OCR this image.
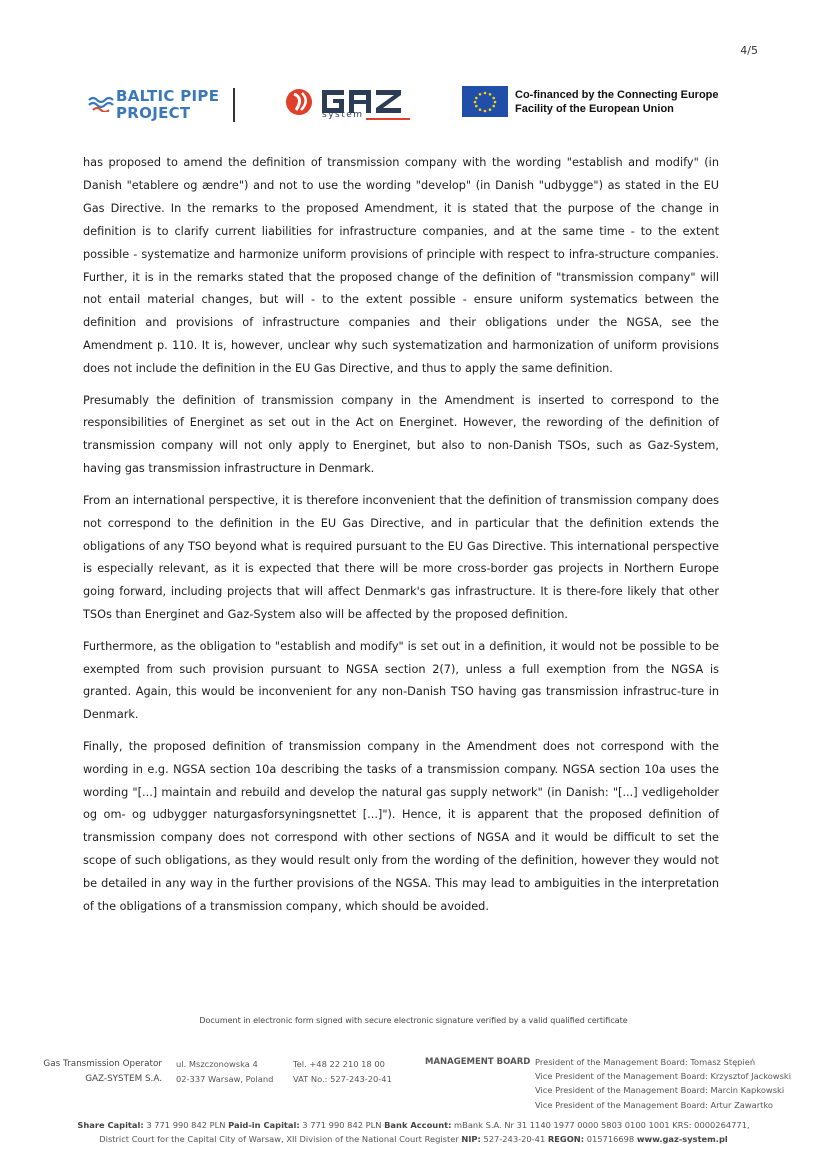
4/5
BALTIC PIPE
PROJECT	system
Co-financed by the Connecting Europe
Facility of the European Union

has proposed to amend the definition of transmission company with the wording "establish and modify" (in Danish "etablere og ændre") and not to use the wording "develop" (in Danish "udbygge") as stated in the EU Gas Directive. In the remarks to the proposed Amendment, it is stated that the purpose of the change in definition is to clarify current liabilities for infrastructure companies, and at the same time - to the extent possible - systematize and harmonize uniform provisions of principle with respect to infra-structure companies. Further, it is in the remarks stated that the proposed change of the definition of "transmission company" will not entail material changes, but will - to the extent possible - ensure uniform systematics between the definition and provisions of infrastructure companies and their obligations under the NGSA, see the Amendment p. 110. It is, however, unclear why such systematization and harmonization of uniform provisions does not include the definition in the EU Gas Directive, and thus to apply the same definition.

Presumably the definition of transmission company in the Amendment is inserted to correspond to the responsibilities of Energinet as set out in the Act on Energinet. However, the rewording of the definition of transmission company will not only apply to Energinet, but also to non-Danish TSOs, such as Gaz-System, having gas transmission infrastructure in Denmark.

From an international perspective, it is therefore inconvenient that the definition of transmission company does not correspond to the definition in the EU Gas Directive, and in particular that the definition extends the obligations of any TSO beyond what is required pursuant to the EU Gas Directive. This international perspective is especially relevant, as it is expected that there will be more cross-border gas projects in Northern Europe going forward, including projects that will affect Denmark's gas infrastructure. It is there-fore likely that other TSOs than Energinet and Gaz-System also will be affected by the proposed definition.

Furthermore, as the obligation to "establish and modify" is set out in a definition, it would not be possible to be exempted from such provision pursuant to NGSA section 2(7), unless a full exemption from the NGSA is granted. Again, this would be inconvenient for any non-Danish TSO having gas transmission infrastruc-ture in Denmark.

Finally, the proposed definition of transmission company in the Amendment does not correspond with the wording in e.g. NGSA section 10a describing the tasks of a transmission company. NGSA section 10a uses the wording "[...] maintain and rebuild and develop the natural gas supply network" (in Danish: "[...] vedligeholder og om- og udbygger naturgasforsyningsnettet [...]"). Hence, it is apparent that the proposed definition of transmission company does not correspond with other sections of NGSA and it would be difficult to set the scope of such obligations, as they would result only from the wording of the definition, however they would not be detailed in any way in the further provisions of the NGSA. This may lead to ambiguities in the interpretation of the obligations of a transmission company, which should be avoided.

Document in electronic form signed with secure electronic signature verified by a valid qualified certificate
Gas Transmission Operator
GAZ-SYSTEM S.A.
ul. Mszczonowska 4
02-337 Warsaw, Poland
Tel. +48 22 210 18 00
VAT No.: 527-243-20-41
MANAGEMENT BOARD President of the Management Board: Tomasz Stępień
Vice President of the Management Board: Krzysztof Jackowski
Vice President of the Management Board: Marcin Kapkowski
Vice President of the Management Board: Artur Zawartko
Share Capital: 3 771 990 842 PLN Paid-in Capital: 3 771 990 842 PLN Bank Account: mBank S.A. Nr 31 1140 1977 0000 5803 0100 1001 KRS: 0000264771,
District Court for the Capital City of Warsaw, XII Division of the National Court Register NIP: 527-243-20-41 REGON: 015716698 www.gaz-system.pl
